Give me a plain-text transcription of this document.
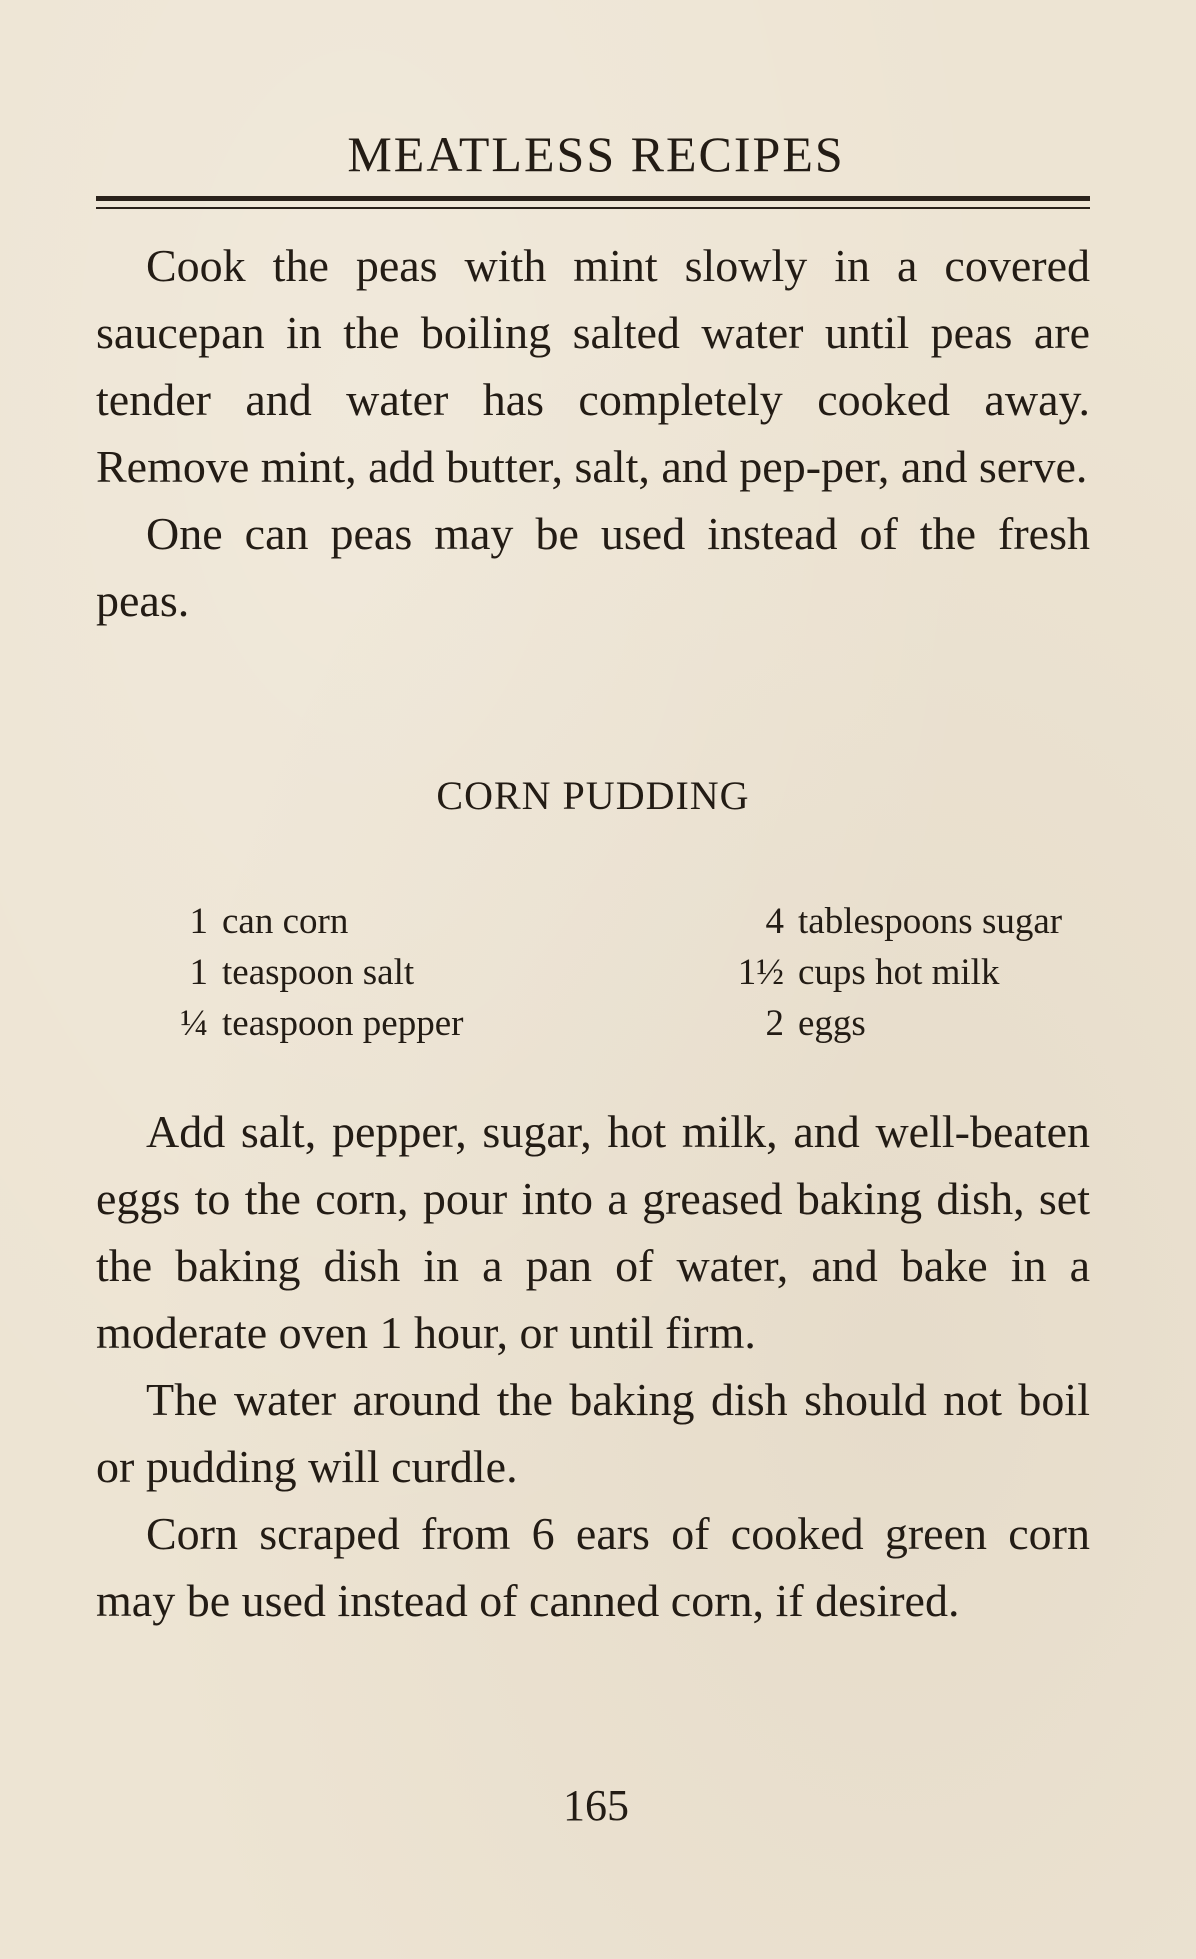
MEATLESS RECIPES

Cook the peas with mint slowly in a covered saucepan in the boiling salted water until peas are tender and water has completely cooked away. Remove mint, add butter, salt, and pep-per, and serve.

One can peas may be used instead of the fresh peas.

CORN PUDDING
1 can corn
1 teaspoon salt
¼ teaspoon pepper
4 tablespoons sugar
1½ cups hot milk
2 eggs

Add salt, pepper, sugar, hot milk, and well-beaten eggs to the corn, pour into a greased baking dish, set the baking dish in a pan of water, and bake in a moderate oven 1 hour, or until firm.

The water around the baking dish should not boil or pudding will curdle.

Corn scraped from 6 ears of cooked green corn may be used instead of canned corn, if desired.

165
